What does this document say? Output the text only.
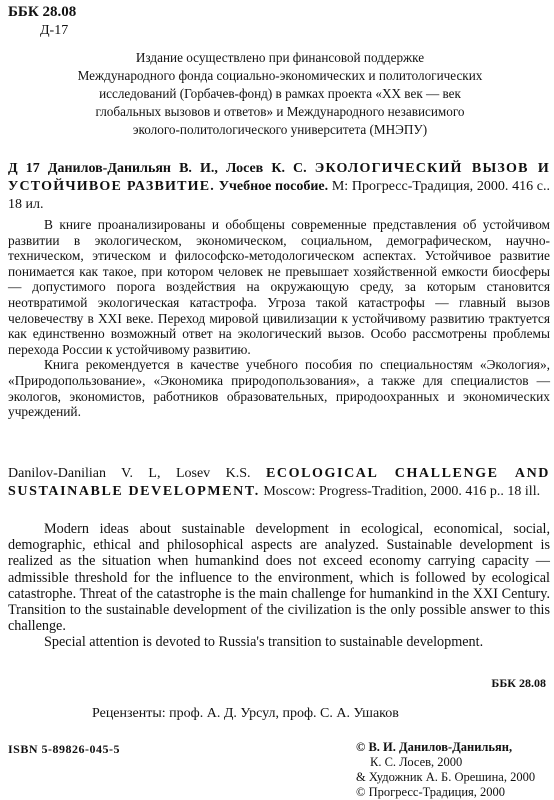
ББК 28.08
Д-17
Издание осуществлено при финансовой поддержке
Международного фонда социально-экономических и политологических
исследований (Горбачев-фонд) в рамках проекта «XX век — век
глобальных вызовов и ответов» и Международного независимого
эколого-политологического университета (МНЭПУ)
Д 17 Данилов-Данильян В. И., Лосев К. С. ЭКОЛОГИЧЕСКИЙ ВЫЗОВ И УСТОЙЧИВОЕ РАЗВИТИЕ. Учебное пособие. М: Прогресс-Традиция, 2000. 416 с.. 18 ил.

В книге проанализированы и обобщены современные представления об устойчивом развитии в экологическом, экономическом, социальном, демографическом, научно-техническом, этическом и философско-методологическом аспектах. Устойчивое развитие понимается как такое, при котором человек не превышает хозяйственной емкости биосферы — допустимого порога воздействия на окружающую среду, за которым становится неотвратимой экологическая катастрофа. Угроза такой катастрофы — главный вызов человечеству в XXI веке. Переход мировой цивилизации к устойчивому развитию трактуется как единственно возможный ответ на экологический вызов. Особо рассмотрены проблемы перехода России к устойчивому развитию.

Книга рекомендуется в качестве учебного пособия по специальностям «Экология», «Природопользование», «Экономика природопользования», а также для специалистов — экологов, экономистов, работников образовательных, природоохранных и экономических учреждений.

Danilov-Danilian V. L, Losev K.S. ECOLOGICAL CHALLENGE AND SUSTAINABLE DEVELOPMENT. Moscow: Progress-Tradition, 2000. 416 p.. 18 ill.

Modern ideas about sustainable development in ecological, economical, social, demographic, ethical and philosophical aspects are analyzed. Sustainable development is realized as the situation when humankind does not exceed economy carrying capacity — admissible threshold for the influence to the environment, which is followed by ecological catastrophe. Threat of the catastrophe is the main challenge for humankind in the XXI Century. Transition to the sustainable development of the civilization is the only possible answer to this challenge.

Special attention is devoted to Russia's transition to sustainable development.

ББК 28.08
Рецензенты: проф. А. Д. Урсул, проф. С. А. Ушаков
ISBN 5-89826-045-5	© В. И. Данилов-Данильян,
К. С. Лосев, 2000
& Художник А. Б. Орешина, 2000
© Прогресс-Традиция, 2000
